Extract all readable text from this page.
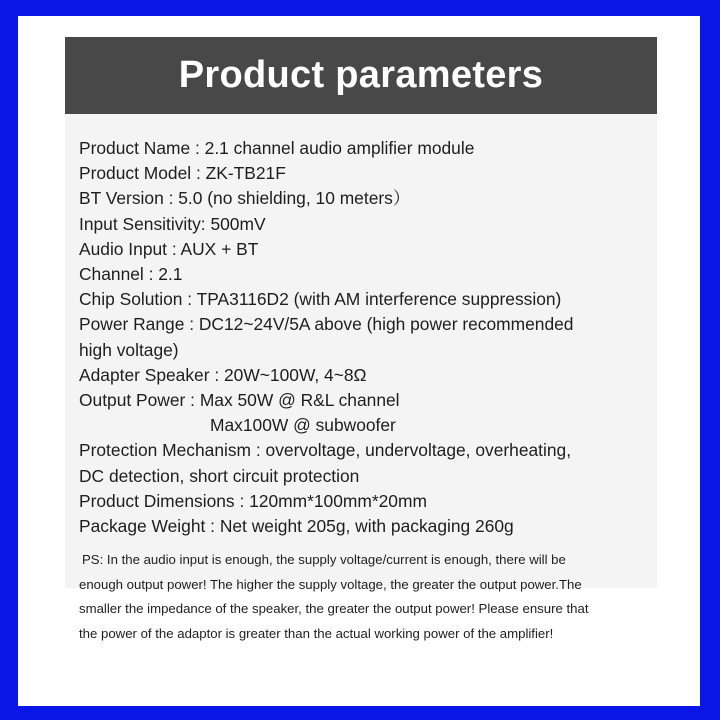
Product parameters
Product Name : 2.1 channel audio amplifier module
Product Model : ZK-TB21F
BT Version : 5.0 (no shielding, 10 meters）
Input Sensitivity: 500mV
Audio Input : AUX + BT
Channel : 2.1
Chip Solution : TPA3116D2 (with AM interference suppression)
Power Range : DC12~24V/5A above (high power recommended
high voltage)
Adapter Speaker : 20W~100W, 4~8Ω
Output Power : Max 50W @ R&L channel
Max100W @ subwoofer
Protection Mechanism : overvoltage, undervoltage, overheating,
DC detection, short circuit protection
Product Dimensions : 120mm*100mm*20mm
Package Weight : Net weight 205g, with packaging 260g
PS: In the audio input is enough, the supply voltage/current is enough, there will be
enough output power! The higher the supply voltage, the greater the output power.The
smaller the impedance of the speaker, the greater the output power! Please ensure that
the power of the adaptor is greater than the actual working power of the amplifier!
